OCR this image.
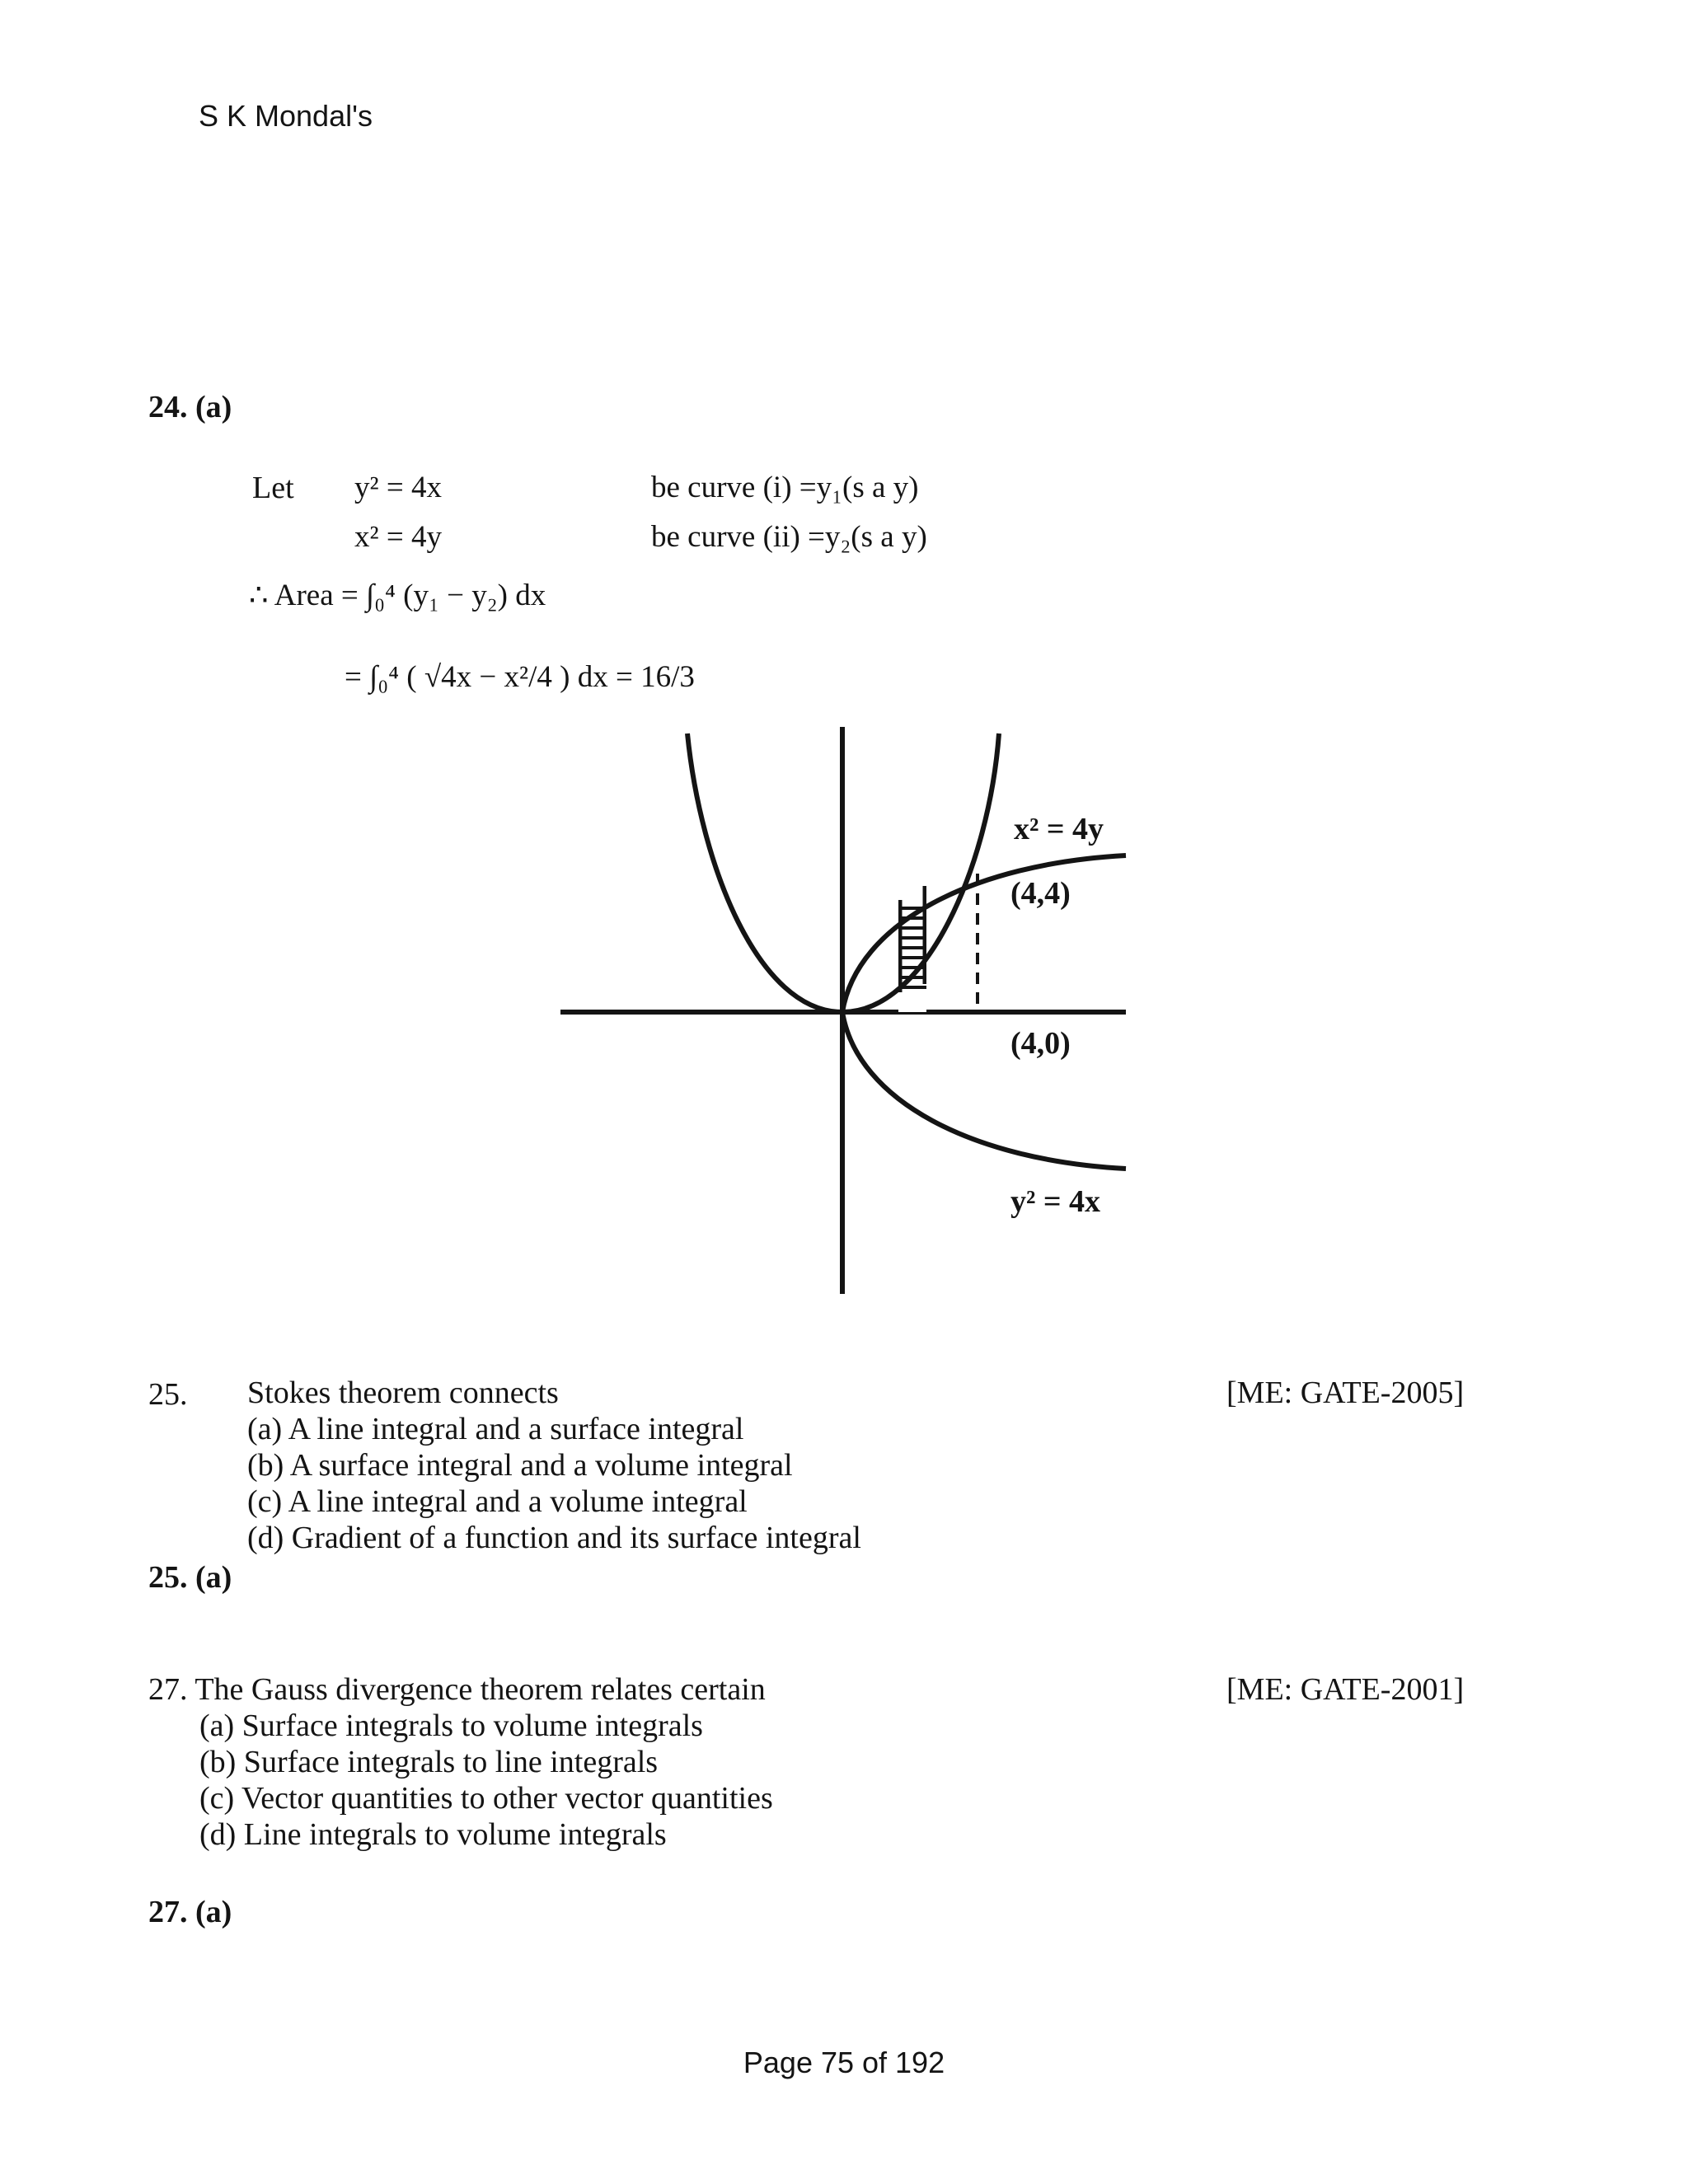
S K Mondal's
24. (a)
Let y² = 4x	be curve (i) =y₁(s a y)
x² = 4y	be curve (ii) =y₂(s a y)
∴ Area = ∫₀⁴ (y₁ − y₂) dx
= ∫₀⁴ ( √4x − x²/4 ) dx = 16/3
x² = 4y
(4,4)
(4,0)
y² = 4x
25. Stokes theorem connects	[ME: GATE-2005]
(a) A line integral and a surface integral
(b) A surface integral and a volume integral
(c) A line integral and a volume integral
(d) Gradient of a function and its surface integral
25. (a)
27. The Gauss divergence theorem relates certain	[ME: GATE-2001]
(a) Surface integrals to volume integrals
(b) Surface integrals to line integrals
(c) Vector quantities to other vector quantities
(d) Line integrals to volume integrals
27. (a)
Page 75 of 192
